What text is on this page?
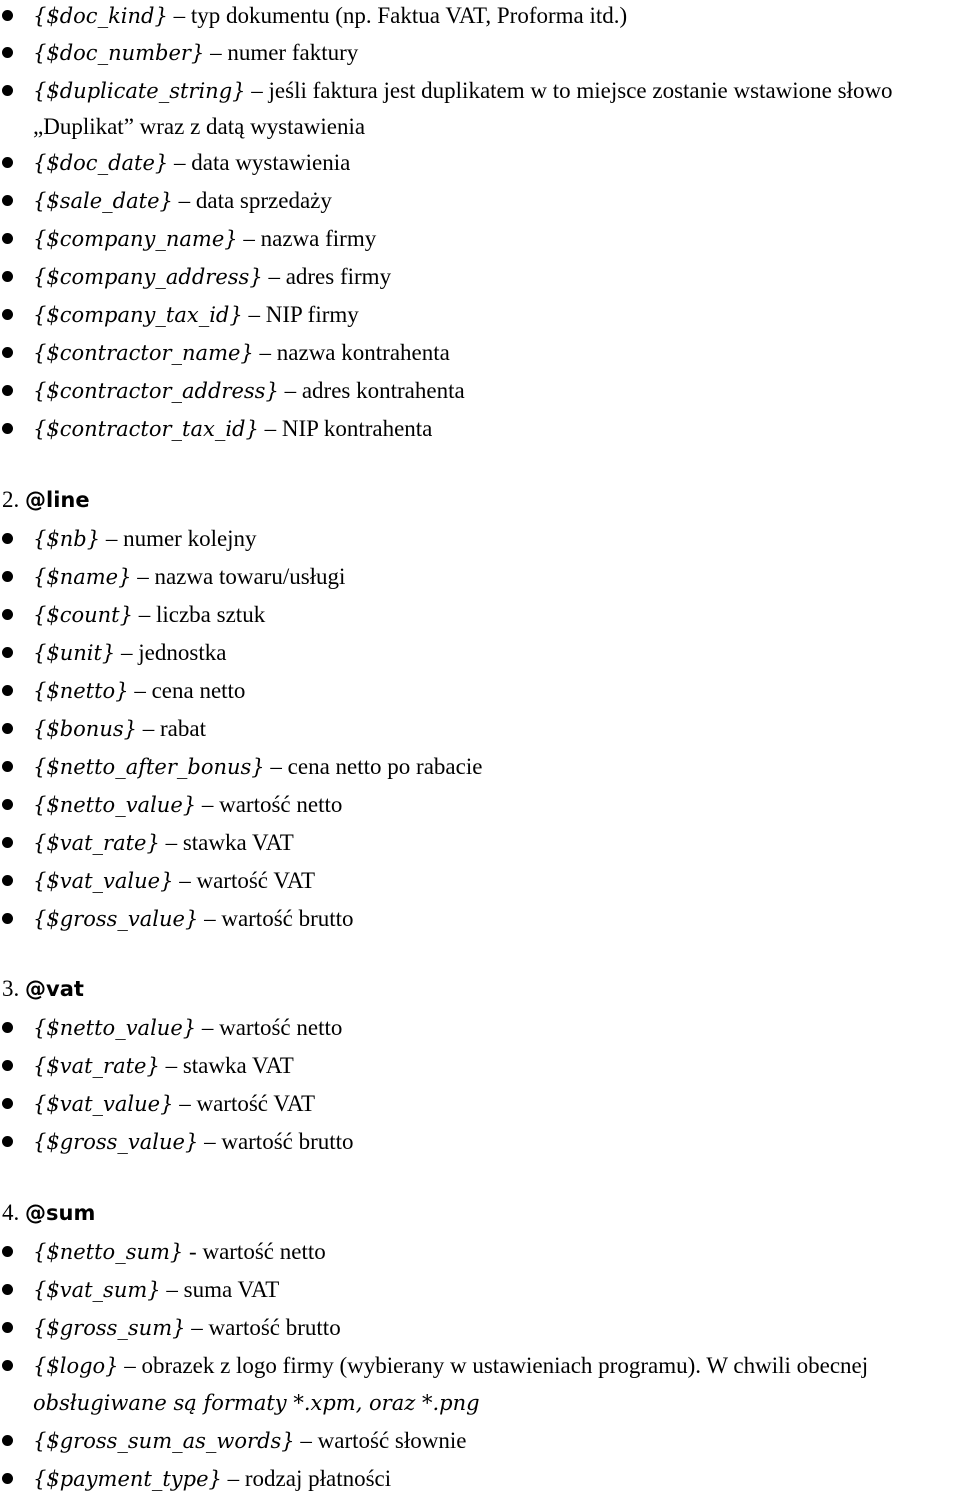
{$doc_kind} – typ dokumentu (np. Faktua VAT, Proforma itd.)
{$doc_number} – numer faktury
{$duplicate_string} – jeśli faktura jest duplikatem w to miejsce zostanie wstawione słowo
„Duplikat” wraz z datą wystawienia
{$doc_date} – data wystawienia
{$sale_date} – data sprzedaży
{$company_name} – nazwa firmy
{$company_address} – adres firmy
{$company_tax_id} – NIP firmy
{$contractor_name} – nazwa kontrahenta
{$contractor_address} – adres kontrahenta
{$contractor_tax_id} – NIP kontrahenta
2. @line
{$nb} – numer kolejny
{$name} – nazwa towaru/usługi
{$count} – liczba sztuk
{$unit} – jednostka
{$netto} – cena netto
{$bonus} – rabat
{$netto_after_bonus} – cena netto po rabacie
{$netto_value} – wartość netto
{$vat_rate} – stawka VAT
{$vat_value} – wartość VAT
{$gross_value} – wartość brutto
3. @vat
{$netto_value} – wartość netto
{$vat_rate} – stawka VAT
{$vat_value} – wartość VAT
{$gross_value} – wartość brutto
4. @sum
{$netto_sum} - wartość netto
{$vat_sum} – suma VAT
{$gross_sum} – wartość brutto
{$logo} – obrazek z logo firmy (wybierany w ustawieniach programu). W chwili obecnej
obsługiwane są formaty *.xpm, oraz *.png
{$gross_sum_as_words} – wartość słownie
{$payment_type} – rodzaj płatności
